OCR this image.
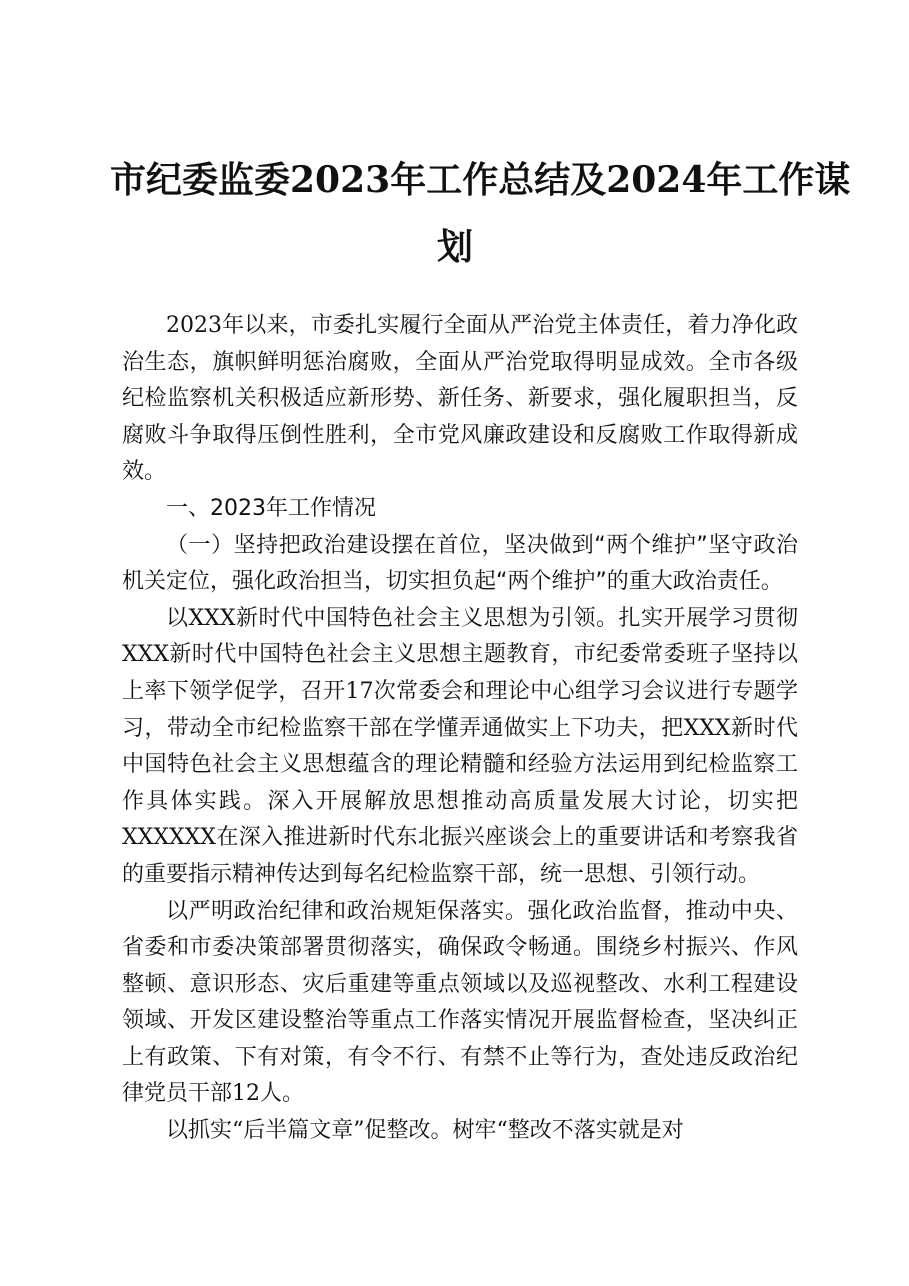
市纪委监委2023年工作总结及2024年工作谋
划

2023年以来，市委扎实履行全面从严治党主体责任，着力净化政治生态，旗帜鲜明惩治腐败，全面从严治党取得明显成效。全市各级纪检监察机关积极适应新形势、新任务、新要求，强化履职担当，反腐败斗争取得压倒性胜利，全市党风廉政建设和反腐败工作取得新成效。

一、2023年工作情况

（一）坚持把政治建设摆在首位，坚决做到“两个维护”坚守政治机关定位，强化政治担当，切实担负起“两个维护”的重大政治责任。

以XXX新时代中国特色社会主义思想为引领。扎实开展学习贯彻XXX新时代中国特色社会主义思想主题教育，市纪委常委班子坚持以上率下领学促学，召开17次常委会和理论中心组学习会议进行专题学习，带动全市纪检监察干部在学懂弄通做实上下功夫，把XXX新时代中国特色社会主义思想蕴含的理论精髓和经验方法运用到纪检监察工作具体实践。深入开展解放思想推动高质量发展大讨论，切实把XXXXXX在深入推进新时代东北振兴座谈会上的重要讲话和考察我省的重要指示精神传达到每名纪检监察干部，统一思想、引领行动。

以严明政治纪律和政治规矩保落实。强化政治监督，推动中央、省委和市委决策部署贯彻落实，确保政令畅通。围绕乡村振兴、作风整顿、意识形态、灾后重建等重点领域以及巡视整改、水利工程建设领域、开发区建设整治等重点工作落实情况开展监督检查，坚决纠正上有政策、下有对策，有令不行、有禁不止等行为，查处违反政治纪律党员干部12人。

以抓实“后半篇文章”促整改。树牢“整改不落实就是对
